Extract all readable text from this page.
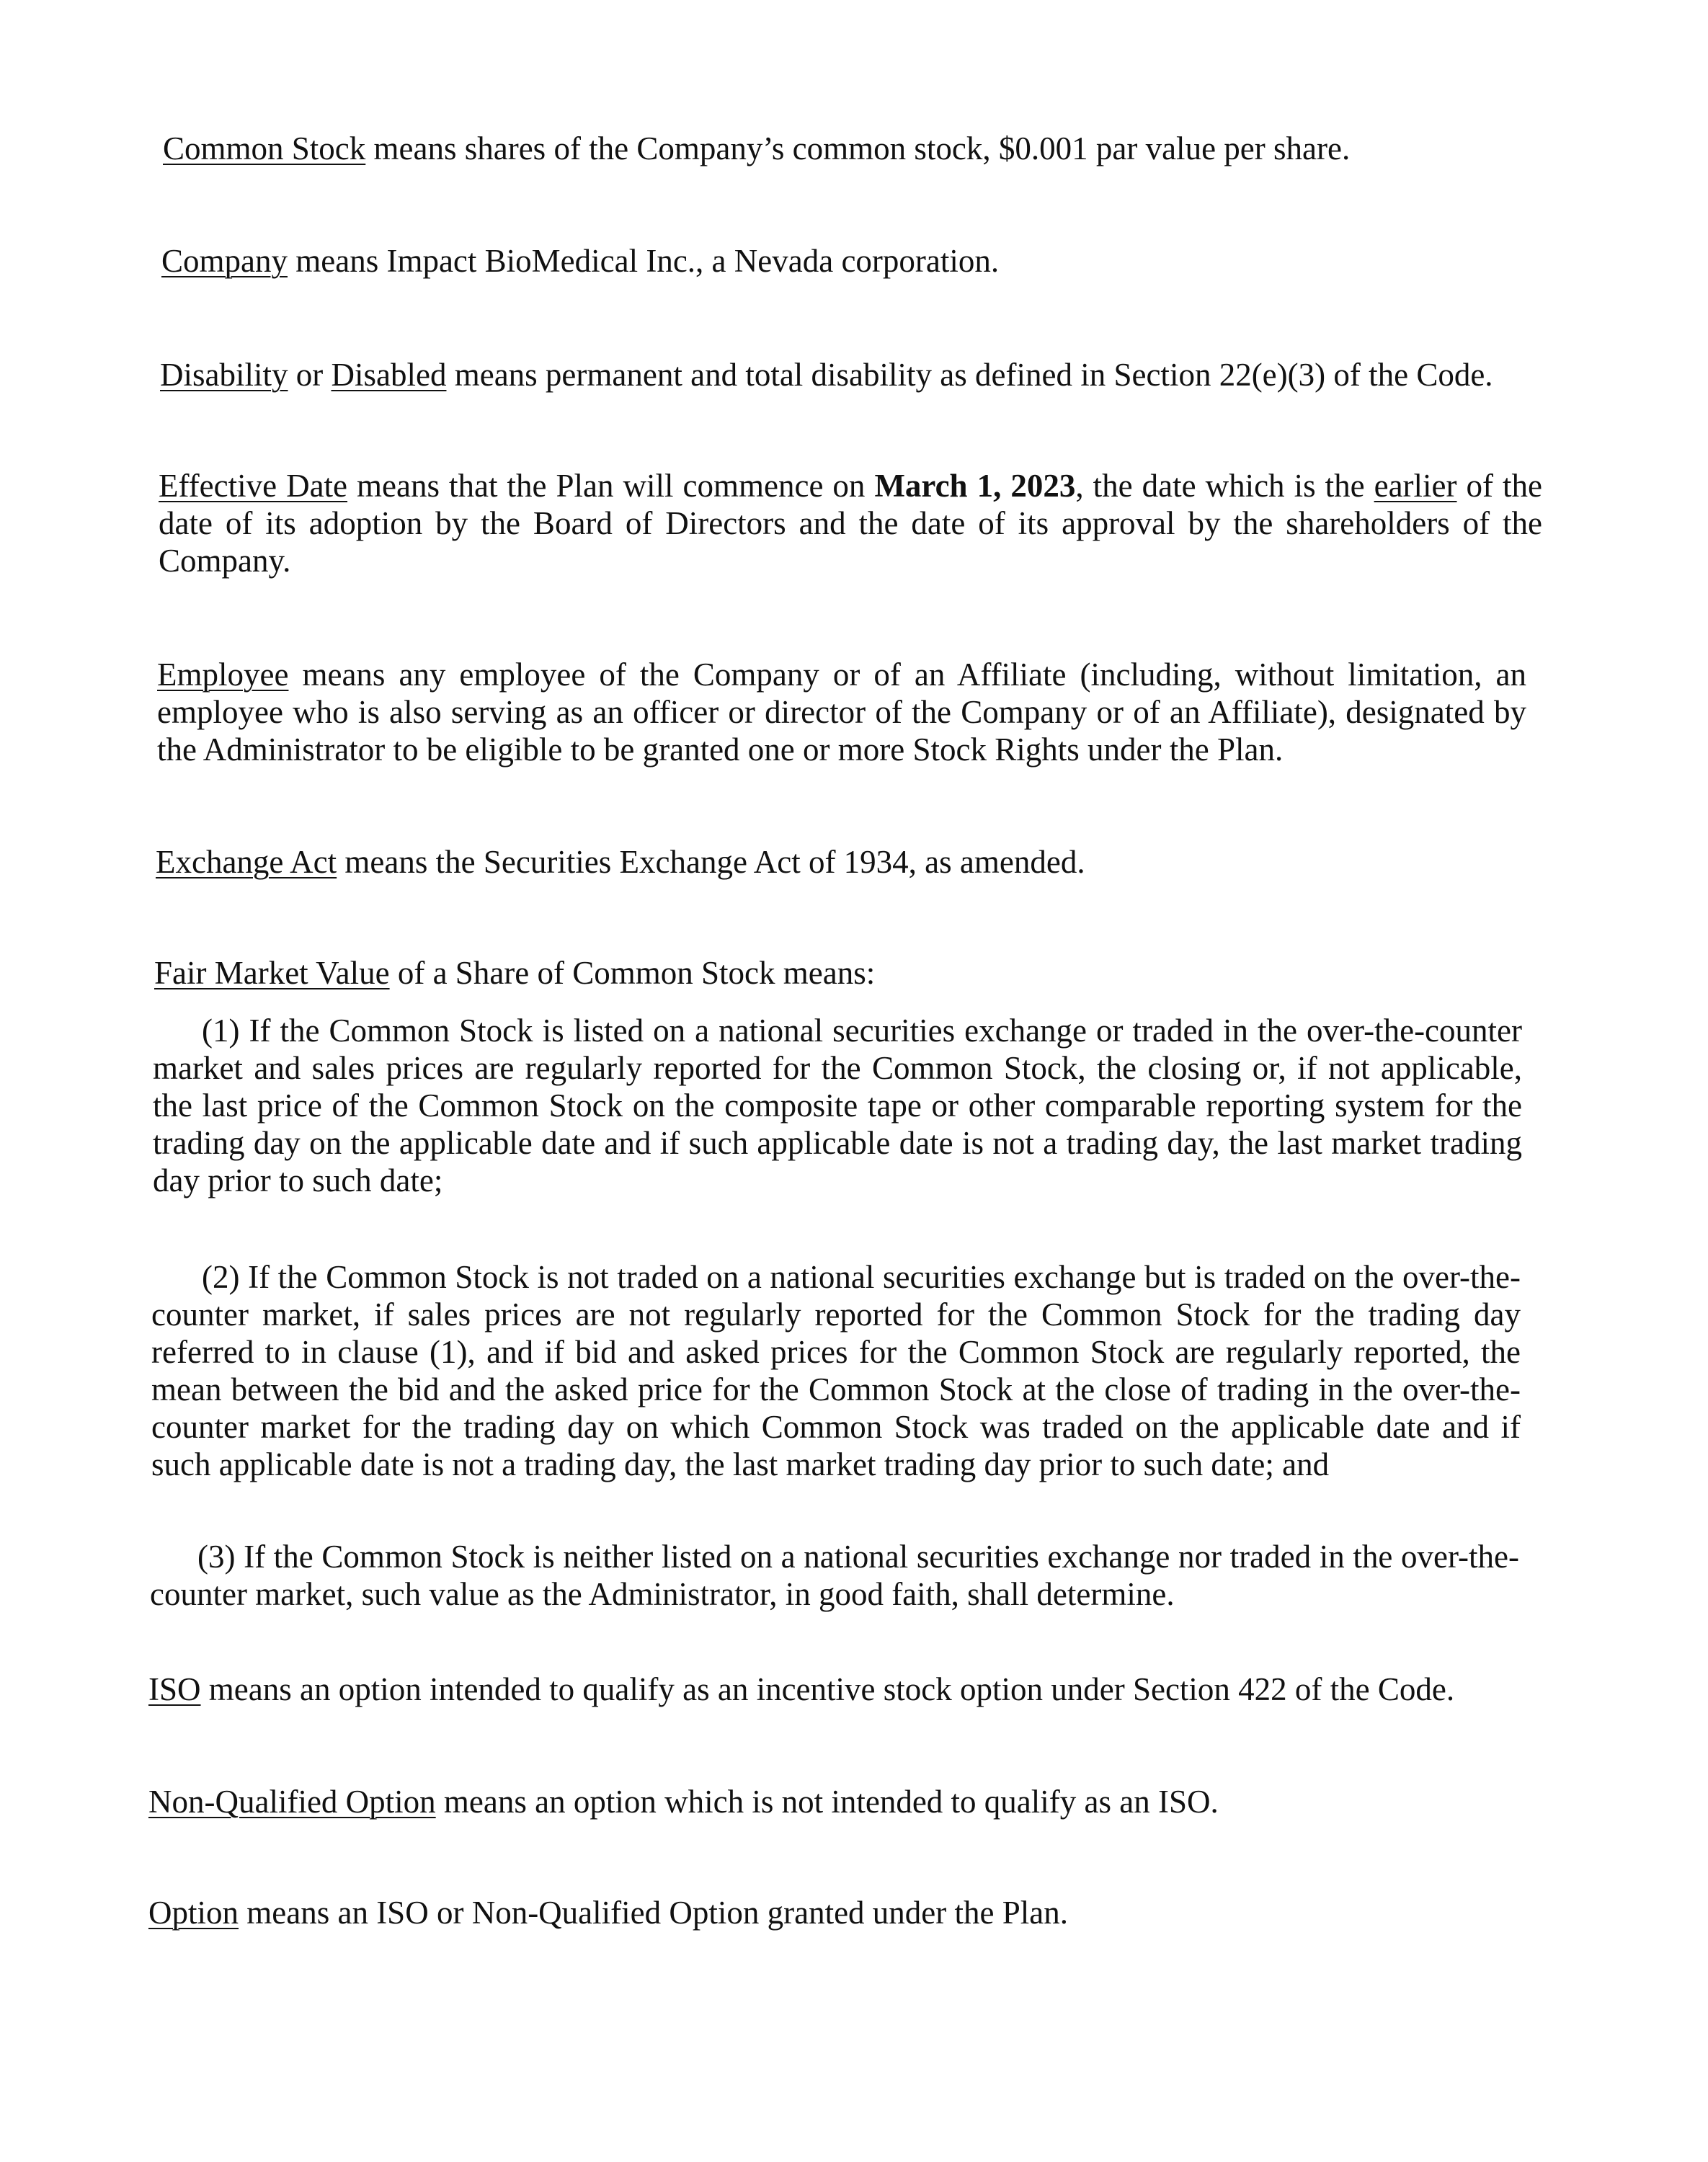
Common Stock means shares of the Company’s common stock, $0.001 par value per share.

Company means Impact BioMedical Inc., a Nevada corporation.

Disability or Disabled means permanent and total disability as defined in Section 22(e)(3) of the Code.

Effective Date means that the Plan will commence on March 1, 2023, the date which is the earlier of the date of its adoption by the Board of Directors and the date of its approval by the shareholders of the Company.

Employee means any employee of the Company or of an Affiliate (including, without limitation, an employee who is also serving as an officer or director of the Company or of an Affiliate), designated by the Administrator to be eligible to be granted one or more Stock Rights under the Plan.

Exchange Act means the Securities Exchange Act of 1934, as amended.

Fair Market Value of a Share of Common Stock means:

(1) If the Common Stock is listed on a national securities exchange or traded in the over-the-counter market and sales prices are regularly reported for the Common Stock, the closing or, if not applicable, the last price of the Common Stock on the composite tape or other comparable reporting system for the trading day on the applicable date and if such applicable date is not a trading day, the last market trading day prior to such date;

(2) If the Common Stock is not traded on a national securities exchange but is traded on the over-the-counter market, if sales prices are not regularly reported for the Common Stock for the trading day referred to in clause (1), and if bid and asked prices for the Common Stock are regularly reported, the mean between the bid and the asked price for the Common Stock at the close of trading in the over-the-counter market for the trading day on which Common Stock was traded on the applicable date and if such applicable date is not a trading day, the last market trading day prior to such date; and

(3) If the Common Stock is neither listed on a national securities exchange nor traded in the over-the-counter market, such value as the Administrator, in good faith, shall determine.

ISO means an option intended to qualify as an incentive stock option under Section 422 of the Code.

Non-Qualified Option means an option which is not intended to qualify as an ISO.

Option means an ISO or Non-Qualified Option granted under the Plan.
